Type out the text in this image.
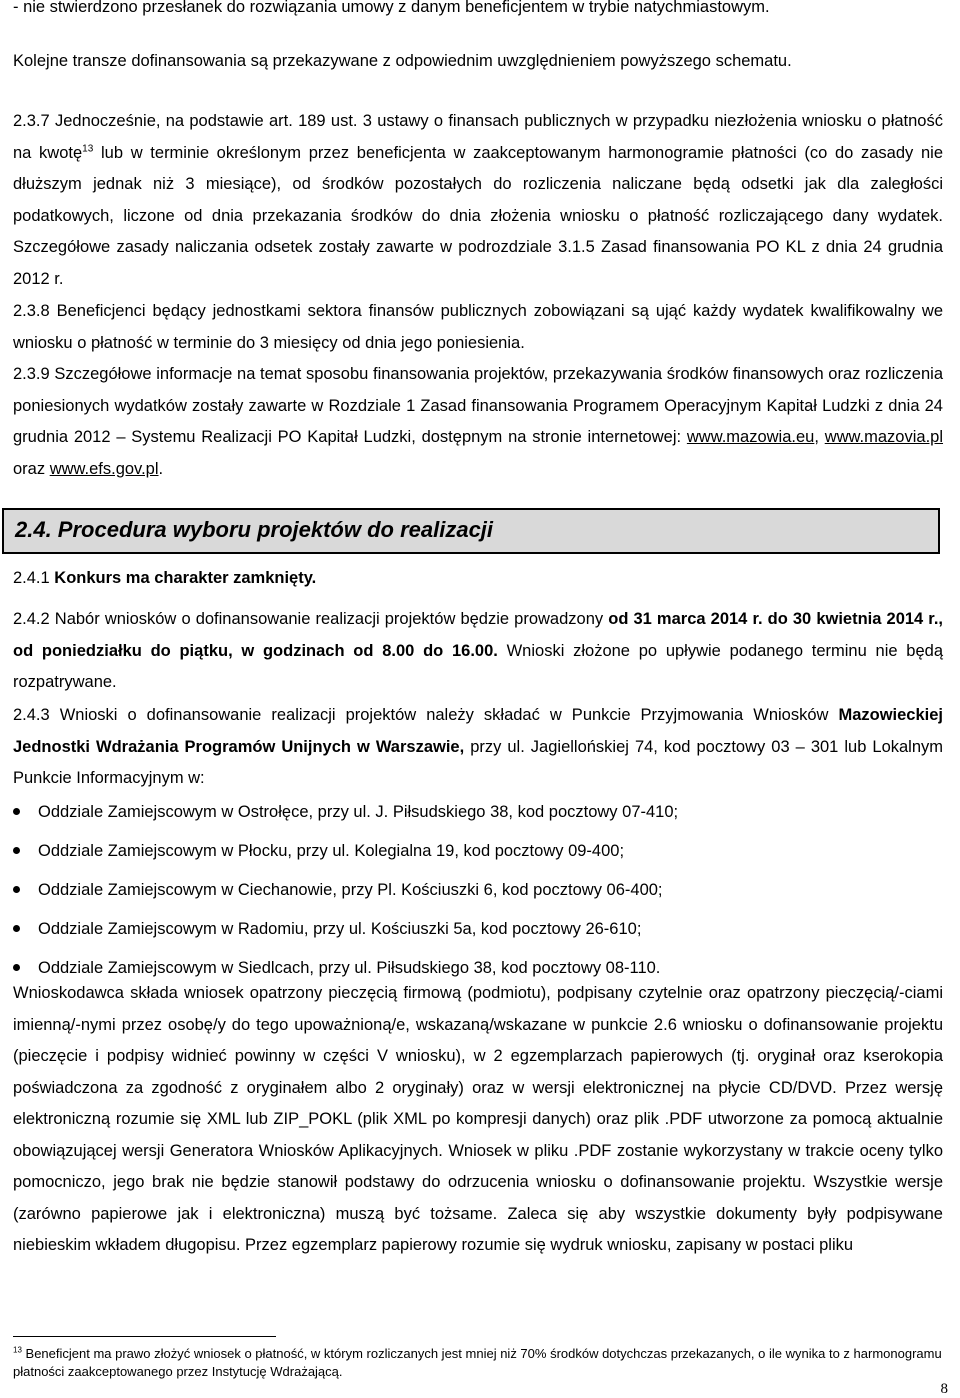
- nie stwierdzono przesłanek do rozwiązania umowy z danym beneficjentem w trybie natychmiastowym.

Kolejne transze dofinansowania są przekazywane z odpowiednim uwzględnieniem powyższego schematu.

2.3.7 Jednocześnie, na podstawie art. 189 ust. 3 ustawy o finansach publicznych w przypadku niezłożenia wniosku o płatność na kwotę$^{13}$ lub w terminie określonym przez beneficjenta w zaakceptowanym harmonogramie płatności (co do zasady nie dłuższym jednak niż 3 miesiące), od środków pozostałych do rozliczenia naliczane będą odsetki jak dla zaległości podatkowych, liczone od dnia przekazania środków do dnia złożenia wniosku o płatność rozliczającego dany wydatek. Szczegółowe zasady naliczania odsetek zostały zawarte w podrozdziale 3.1.5 Zasad finansowania PO KL z dnia 24 grudnia 2012 r.

2.3.8 Beneficjenci będący jednostkami sektora finansów publicznych zobowiązani są ująć każdy wydatek kwalifikowalny we wniosku o płatność w terminie do 3 miesięcy od dnia jego poniesienia.

2.3.9 Szczegółowe informacje na temat sposobu finansowania projektów, przekazywania środków finansowych oraz rozliczenia poniesionych wydatków zostały zawarte w Rozdziale 1 Zasad finansowania Programem Operacyjnym Kapitał Ludzki z dnia 24 grudnia 2012 – Systemu Realizacji PO Kapitał Ludzki, dostępnym na stronie internetowej: www.mazowia.eu, www.mazovia.pl oraz www.efs.gov.pl.

2.4. Procedura wyboru projektów do realizacji

2.4.1 Konkurs ma charakter zamknięty.

2.4.2 Nabór wniosków o dofinansowanie realizacji projektów będzie prowadzony od 31 marca 2014 r. do 30 kwietnia 2014 r., od poniedziałku do piątku, w godzinach od 8.00 do 16.00. Wnioski złożone po upływie podanego terminu nie będą rozpatrywane.

2.4.3 Wnioski o dofinansowanie realizacji projektów należy składać w Punkcie Przyjmowania Wniosków Mazowieckiej Jednostki Wdrażania Programów Unijnych w Warszawie, przy ul. Jagiellońskiej 74, kod pocztowy 03 – 301 lub Lokalnym Punkcie Informacyjnym w:

Oddziale Zamiejscowym w Ostrołęce, przy ul. J. Piłsudskiego 38, kod pocztowy 07-410;
Oddziale Zamiejscowym w Płocku, przy ul. Kolegialna 19, kod pocztowy 09-400;
Oddziale Zamiejscowym w Ciechanowie, przy Pl. Kościuszki 6, kod pocztowy 06-400;
Oddziale Zamiejscowym w Radomiu, przy ul. Kościuszki 5a, kod pocztowy 26-610;
Oddziale Zamiejscowym w Siedlcach, przy ul. Piłsudskiego 38, kod pocztowy 08-110.

Wnioskodawca składa wniosek opatrzony pieczęcią firmową (podmiotu), podpisany czytelnie oraz opatrzony pieczęcią/-ciami imienną/-nymi przez osobę/y do tego upoważnioną/e, wskazaną/wskazane w punkcie 2.6 wniosku o dofinansowanie projektu (pieczęcie i podpisy widnieć powinny w części V wniosku), w 2 egzemplarzach papierowych (tj. oryginał oraz kserokopia poświadczona za zgodność z oryginałem albo 2 oryginały) oraz w wersji elektronicznej na płycie CD/DVD. Przez wersję elektroniczną rozumie się XML lub ZIP_POKL (plik XML po kompresji danych) oraz plik .PDF utworzone za pomocą aktualnie obowiązującej wersji Generatora Wniosków Aplikacyjnych. Wniosek w pliku .PDF zostanie wykorzystany w trakcie oceny tylko pomocniczo, jego brak nie będzie stanowił podstawy do odrzucenia wniosku o dofinansowanie projektu. Wszystkie wersje (zarówno papierowe jak i elektroniczna) muszą być tożsame. Zaleca się aby wszystkie dokumenty były podpisywane niebieskim wkładem długopisu. Przez egzemplarz papierowy rozumie się wydruk wniosku, zapisany w postaci pliku

$^{13}$ Beneficjent ma prawo złożyć wniosek o płatność, w którym rozliczanych jest mniej niż 70% środków dotychczas przekazanych, o ile wynika to z harmonogramu płatności zaakceptowanego przez Instytucję Wdrażającą.
8
